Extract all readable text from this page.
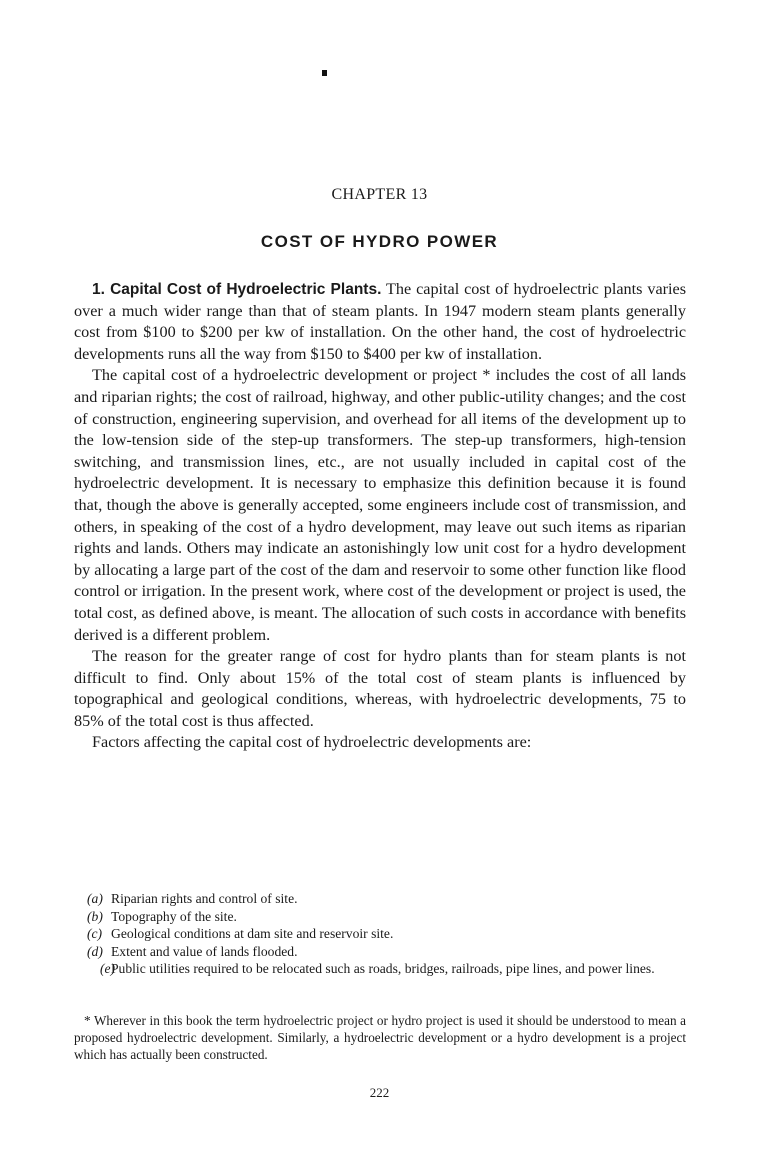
CHAPTER 13
COST OF HYDRO POWER

1. Capital Cost of Hydroelectric Plants. The capital cost of hydroelectric plants varies over a much wider range than that of steam plants. In 1947 modern steam plants generally cost from $100 to $200 per kw of installation. On the other hand, the cost of hydroelectric developments runs all the way from $150 to $400 per kw of installation.

The capital cost of a hydroelectric development or project * includes the cost of all lands and riparian rights; the cost of railroad, highway, and other public-utility changes; and the cost of construction, engineering supervision, and overhead for all items of the development up to the low-tension side of the step-up transformers. The step-up transformers, high-tension switching, and transmission lines, etc., are not usually included in capital cost of the hydroelectric development. It is necessary to emphasize this definition because it is found that, though the above is generally accepted, some engineers include cost of transmission, and others, in speaking of the cost of a hydro development, may leave out such items as riparian rights and lands. Others may indicate an astonishingly low unit cost for a hydro development by allocating a large part of the cost of the dam and reservoir to some other function like flood control or irrigation. In the present work, where cost of the development or project is used, the total cost, as defined above, is meant. The allocation of such costs in accordance with benefits derived is a different problem.

The reason for the greater range of cost for hydro plants than for steam plants is not difficult to find. Only about 15% of the total cost of steam plants is influenced by topographical and geological conditions, whereas, with hydroelectric developments, 75 to 85% of the total cost is thus affected.

Factors affecting the capital cost of hydroelectric developments are:

(a) Riparian rights and control of site.
(b) Topography of the site.
(c) Geological conditions at dam site and reservoir site.
(d) Extent and value of lands flooded.
(e)Public utilities required to be relocated such as roads, bridges, railroads, pipe lines, and power lines.

* Wherever in this book the term hydroelectric project or hydro project is used it should be understood to mean a proposed hydroelectric development. Similarly, a hydroelectric development or a hydro development is a project which has actually been constructed.

222
